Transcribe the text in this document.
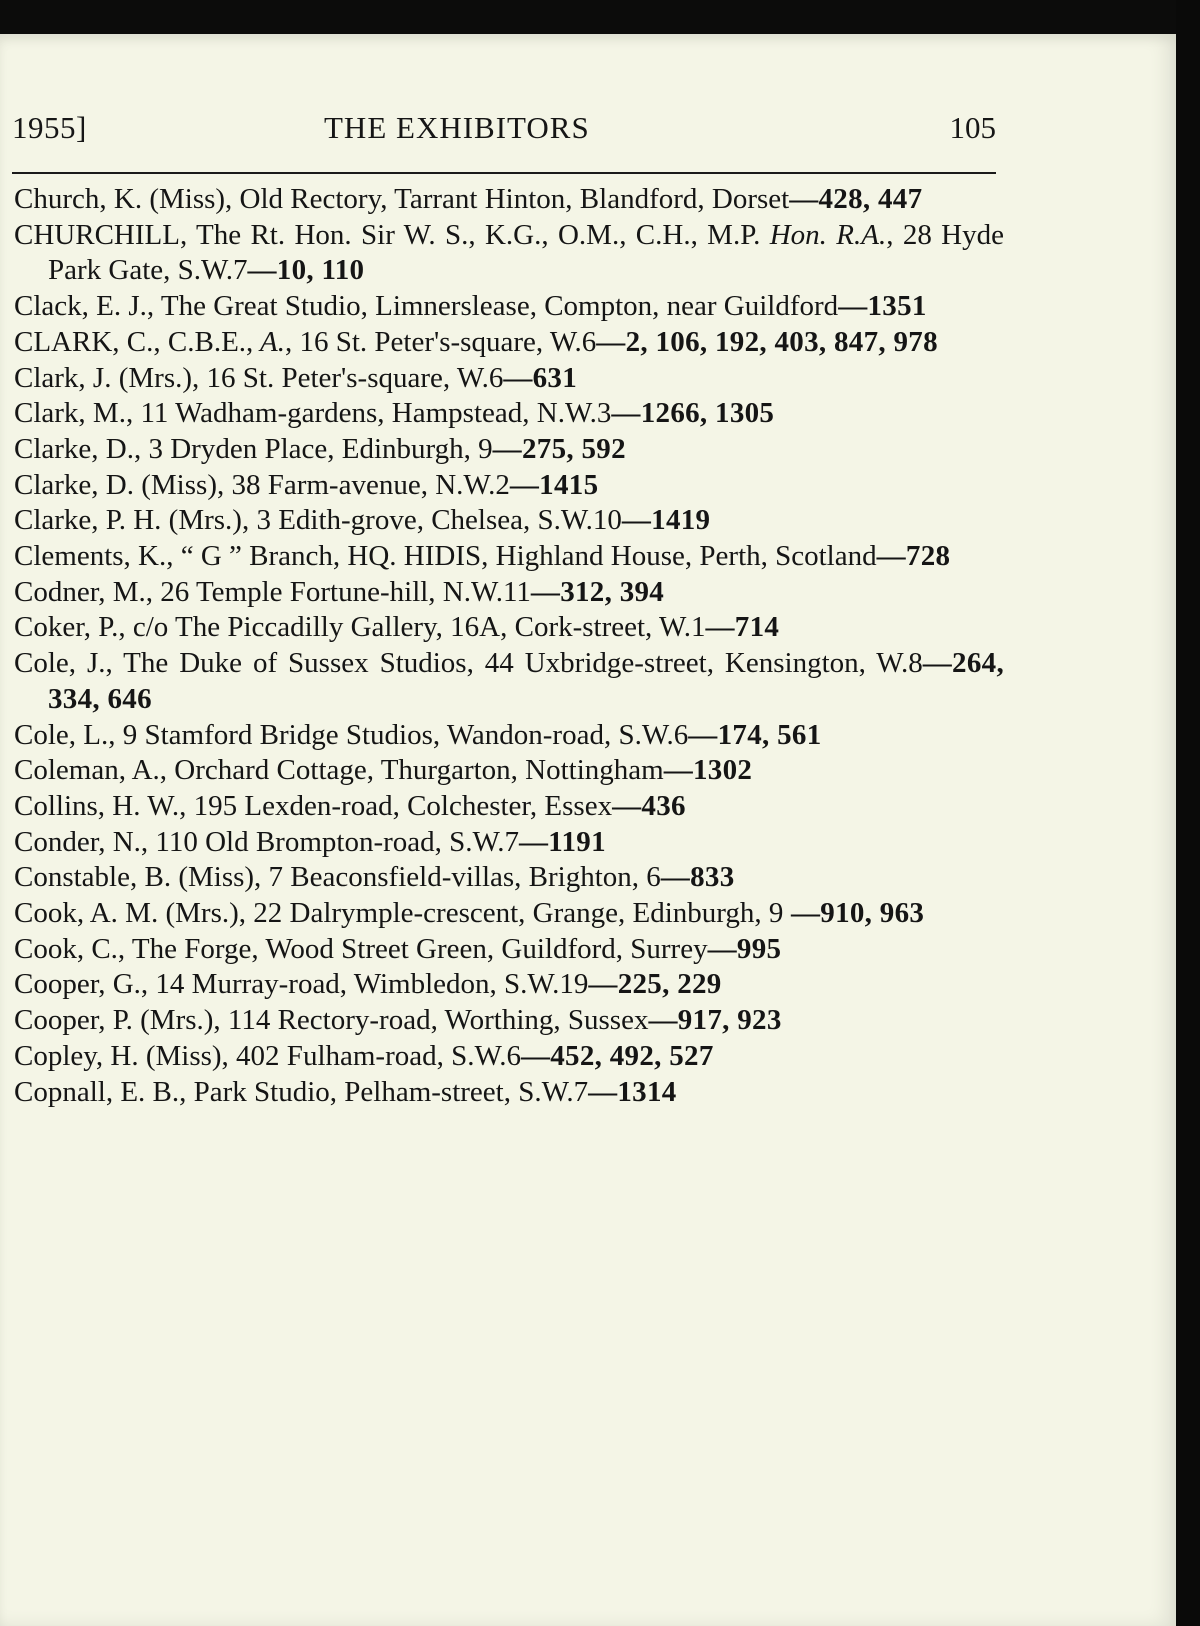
1955]	THE EXHIBITORS	105

Church, K. (Miss), Old Rectory, Tarrant Hinton, Blandford, Dorset—428, 447

CHURCHILL, The Rt. Hon. Sir W. S., K.G., O.M., C.H., M.P. Hon. R.A., 28 Hyde Park Gate, S.W.7—10, 110

Clack, E. J., The Great Studio, Limnerslease, Compton, near Guildford—1351

CLARK, C., C.B.E., A., 16 St. Peter's-square, W.6—2, 106, 192, 403, 847, 978

Clark, J. (Mrs.), 16 St. Peter's-square, W.6—631

Clark, M., 11 Wadham-gardens, Hampstead, N.W.3—1266, 1305

Clarke, D., 3 Dryden Place, Edinburgh, 9—275, 592

Clarke, D. (Miss), 38 Farm-avenue, N.W.2—1415

Clarke, P. H. (Mrs.), 3 Edith-grove, Chelsea, S.W.10—1419

Clements, K., “ G ” Branch, HQ. HIDIS, Highland House, Perth, Scotland—728

Codner, M., 26 Temple Fortune-hill, N.W.11—312, 394

Coker, P., c/o The Piccadilly Gallery, 16A, Cork-street, W.1—714

Cole, J., The Duke of Sussex Studios, 44 Uxbridge-street, Kensington, W.8—264, 334, 646

Cole, L., 9 Stamford Bridge Studios, Wandon-road, S.W.6—174, 561

Coleman, A., Orchard Cottage, Thurgarton, Nottingham—1302

Collins, H. W., 195 Lexden-road, Colchester, Essex—436

Conder, N., 110 Old Brompton-road, S.W.7—1191

Constable, B. (Miss), 7 Beaconsfield-villas, Brighton, 6—833

Cook, A. M. (Mrs.), 22 Dalrymple-crescent, Grange, Edinburgh, 9 —910, 963

Cook, C., The Forge, Wood Street Green, Guildford, Surrey—995

Cooper, G., 14 Murray-road, Wimbledon, S.W.19—225, 229

Cooper, P. (Mrs.), 114 Rectory-road, Worthing, Sussex—917, 923

Copley, H. (Miss), 402 Fulham-road, S.W.6—452, 492, 527

Copnall, E. B., Park Studio, Pelham-street, S.W.7—1314
